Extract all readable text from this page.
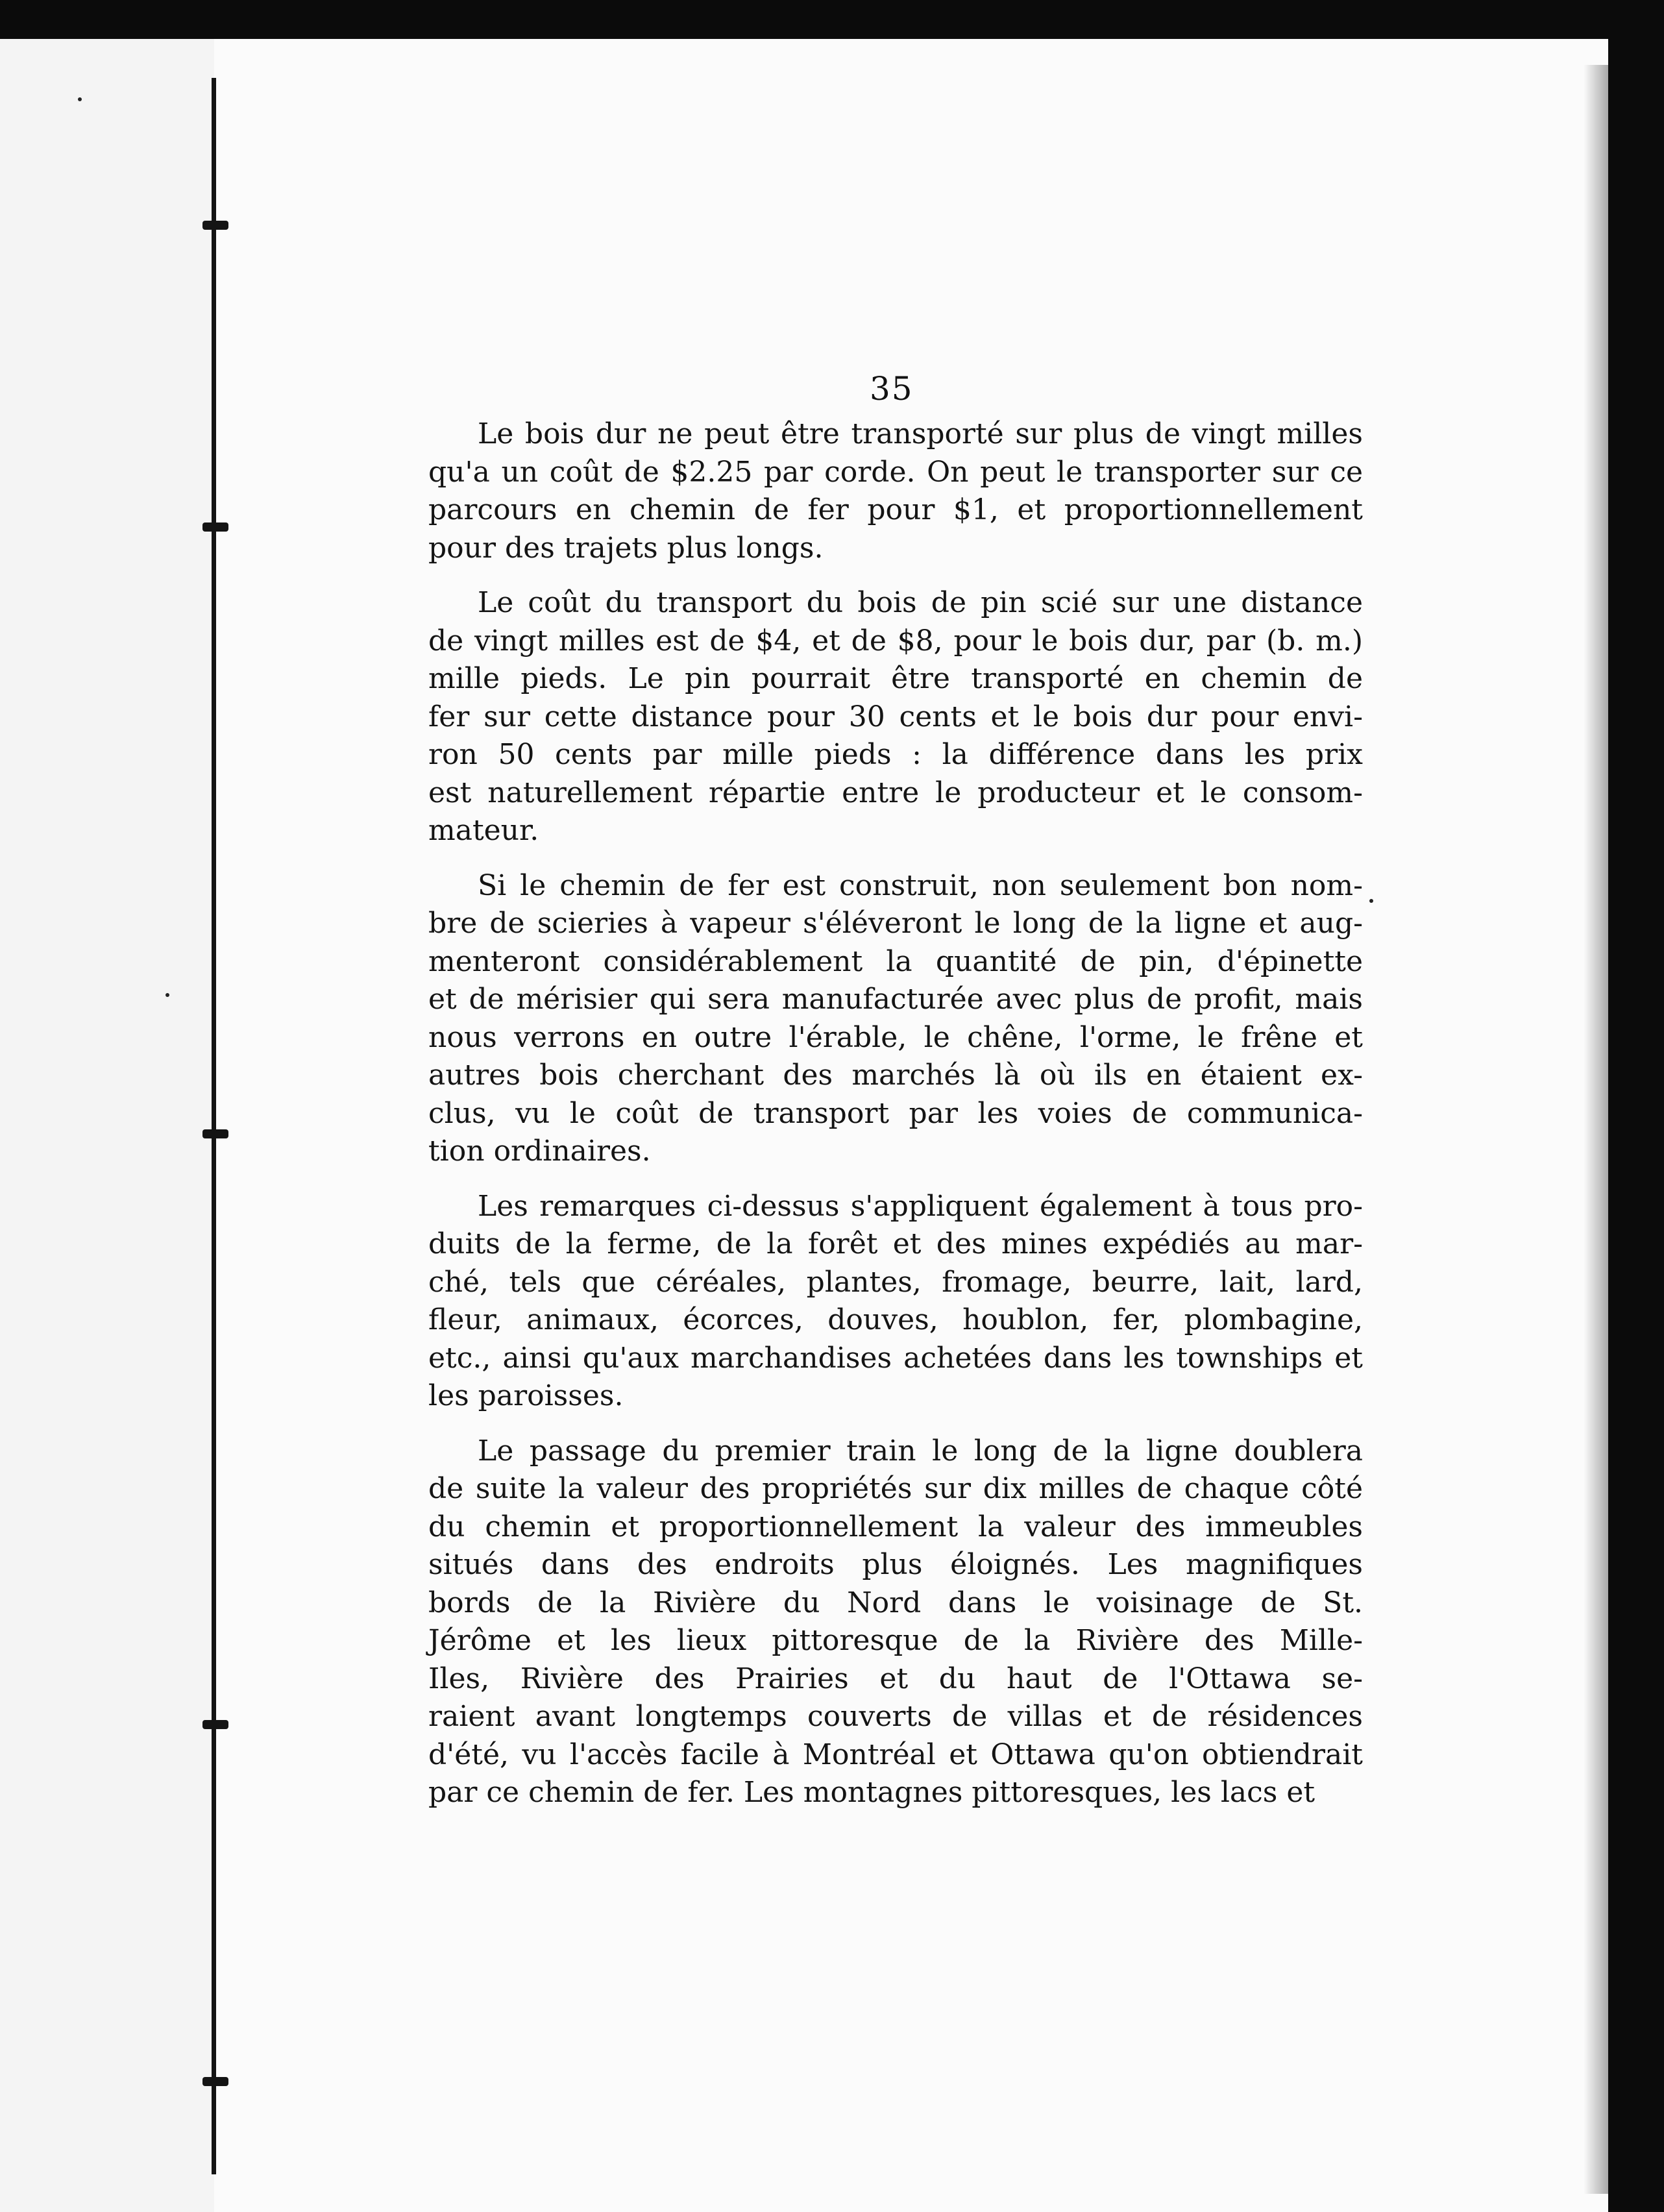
35
Le bois dur ne peut être transporté sur plus de vingt milles
qu'a un coût de $2.25 par corde. On peut le transporter sur ce
parcours en chemin de fer pour $1, et proportionnellement
pour des trajets plus longs.
Le coût du transport du bois de pin scié sur une distance
de vingt milles est de $4, et de $8, pour le bois dur, par (b. m.)
mille pieds. Le pin pourrait être transporté en chemin de
fer sur cette distance pour 30 cents et le bois dur pour envi-
ron 50 cents par mille pieds : la différence dans les prix
est naturellement répartie entre le producteur et le consom-
mateur.
Si le chemin de fer est construit, non seulement bon nom-
bre de scieries à vapeur s'éléveront le long de la ligne et aug-
menteront considérablement la quantité de pin, d'épinette
et de mérisier qui sera manufacturée avec plus de profit, mais
nous verrons en outre l'érable, le chêne, l'orme, le frêne et
autres bois cherchant des marchés là où ils en étaient ex-
clus, vu le coût de transport par les voies de communica-
tion ordinaires.
Les remarques ci-dessus s'appliquent également à tous pro-
duits de la ferme, de la forêt et des mines expédiés au mar-
ché, tels que céréales, plantes, fromage, beurre, lait, lard,
fleur, animaux, écorces, douves, houblon, fer, plombagine,
etc., ainsi qu'aux marchandises achetées dans les townships et
les paroisses.
Le passage du premier train le long de la ligne doublera
de suite la valeur des propriétés sur dix milles de chaque côté
du chemin et proportionnellement la valeur des immeubles
situés dans des endroits plus éloignés. Les magnifiques
bords de la Rivière du Nord dans le voisinage de St.
Jérôme et les lieux pittoresque de la Rivière des Mille-
Iles, Rivière des Prairies et du haut de l'Ottawa se-
raient avant longtemps couverts de villas et de résidences
d'été, vu l'accès facile à Montréal et Ottawa qu'on obtiendrait
par ce chemin de fer. Les montagnes pittoresques, les lacs et
